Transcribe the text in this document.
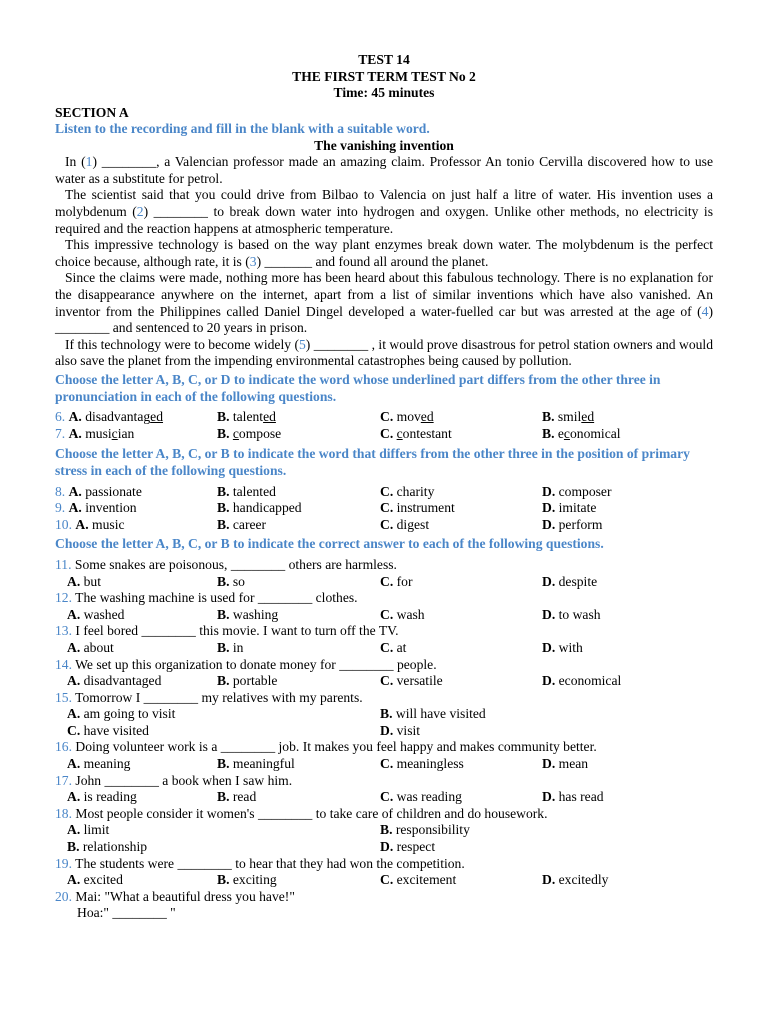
TEST 14
THE FIRST TERM TEST No 2
Time: 45 minutes
SECTION A
Listen to the recording and fill in the blank with a suitable word.
The vanishing invention
In (1) ________, a Valencian professor made an amazing claim. Professor An tonio Cervilla discovered how to use water as a substitute for petrol.
The scientist said that you could drive from Bilbao to Valencia on just half a litre of water. His invention uses a molybdenum (2) ________ to break down water into hydrogen and oxygen. Unlike other methods, no electricity is required and the reaction happens at atmospheric temperature.
This impressive technology is based on the way plant enzymes break down water. The molybdenum is the perfect choice because, although rate, it is (3) _______ and found all around the planet.
Since the claims were made, nothing more has been heard about this fabulous technology. There is no explanation for the disappearance anywhere on the internet, apart from a list of similar inventions which have also vanished. An inventor from the Philippines called Daniel Dingel developed a water-fuelled car but was arrested at the age of (4) ________ and sentenced to 20 years in prison.
If this technology were to become widely (5) ________ , it would prove disastrous for petrol station owners and would also save the planet from the impending environmental catastrophes being caused by pollution.
Choose the letter A, B, C, or D to indicate the word whose underlined part differs from the other three in pronunciation in each of the following questions.
6. A. disadvantaged	B. talented	C. moved	B. smiled
7. A. musician	B. compose	C. contestant	B. economical
Choose the letter A, B, C, or B to indicate the word that differs from the other three in the position of primary stress in each of the following questions.
8. A. passionate	B. talented	C. charity	D. composer
9. A. invention	B. handicapped	C. instrument	D. imitate
10. A. music	B. career	C. digest	D. perform
Choose the letter A, B, C, or B to indicate the correct answer to each of the following questions.
11. Some snakes are poisonous, ________ others are harmless.
A. but	B. so	C. for	D. despite
12. The washing machine is used for ________ clothes.
A. washed	B. washing	C. wash	D. to wash
13. I feel bored ________ this movie. I want to turn off the TV.
A. about	B. in	C. at	D. with
14. We set up this organization to donate money for ________ people.
A. disadvantaged	B. portable	C. versatile	D. economical
15. Tomorrow I ________ my relatives with my parents.
A. am going to visit	B. will have visited
C. have visited	D. visit
16. Doing volunteer work is a ________ job. It makes you feel happy and makes community better.
A. meaning	B. meaningful	C. meaningless	D. mean
17. John ________ a book when I saw him.
A. is reading	B. read	C. was reading	D. has read
18. Most people consider it women's ________ to take care of children and do housework.
A. limit	B. responsibility
B. relationship	D. respect
19. The students were ________ to hear that they had won the competition.
A. excited	B. exciting	C. excitement	D. excitedly
20. Mai: "What a beautiful dress you have!"
Hoa:" ________ "
